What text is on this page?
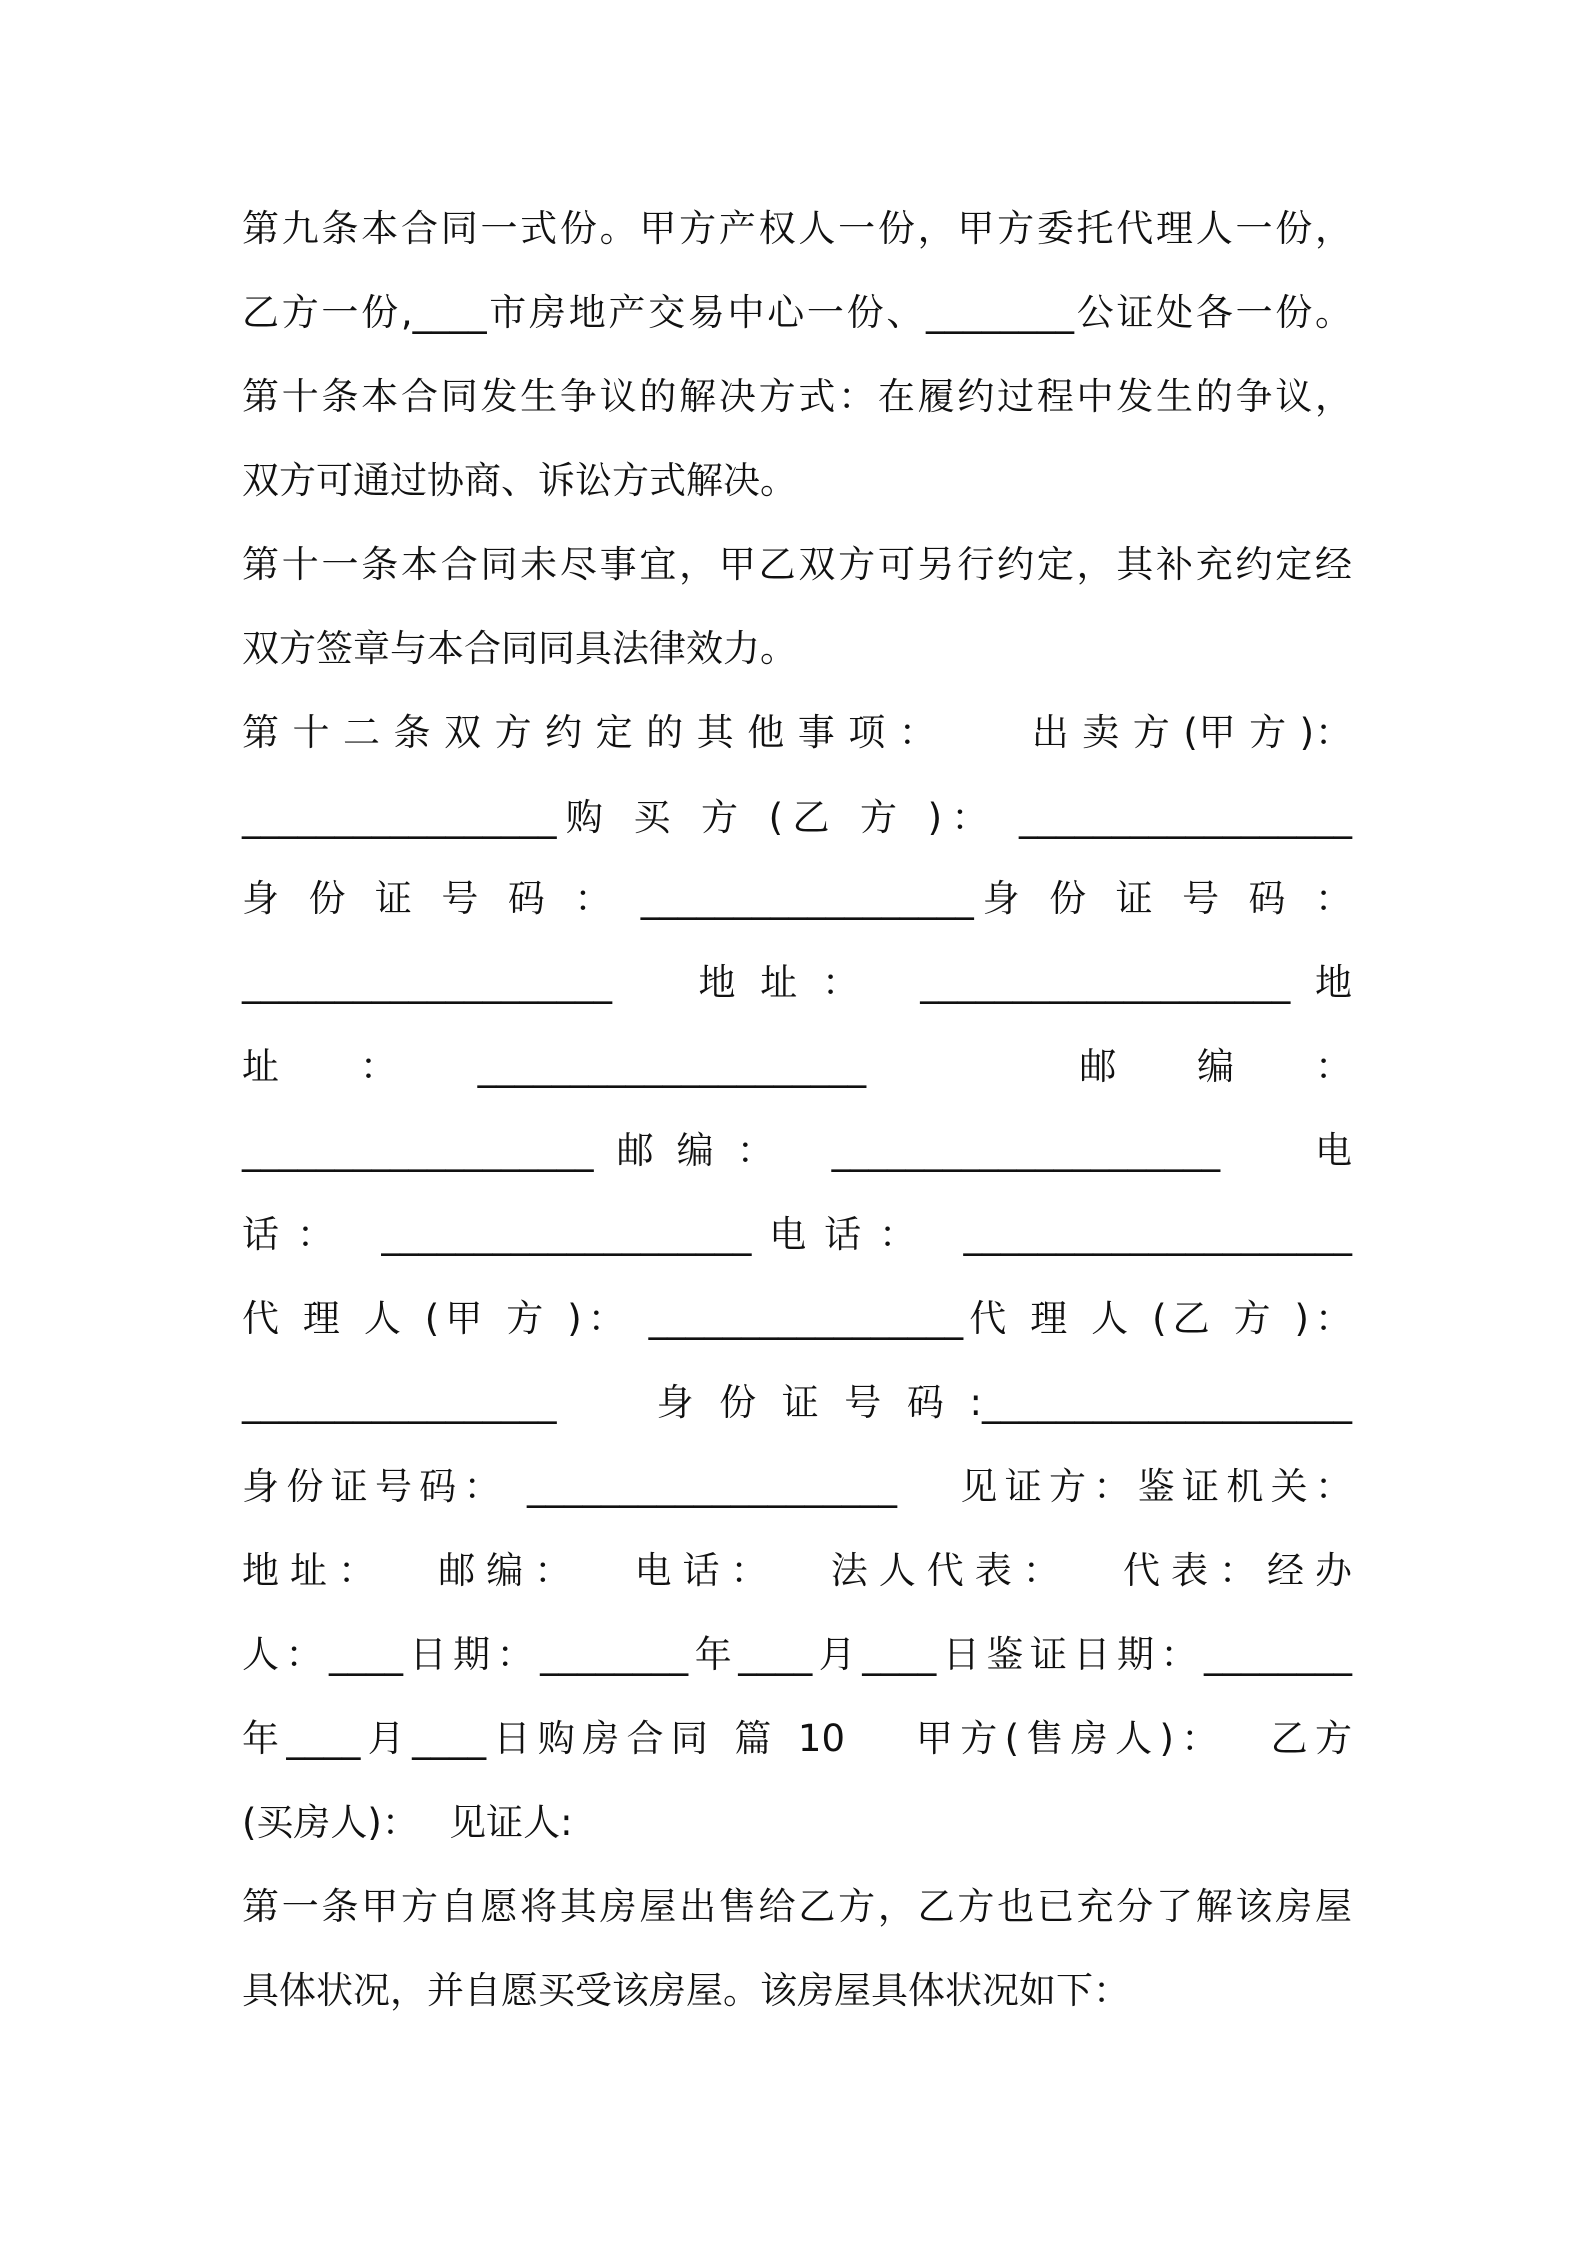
第九条本合同一式份。甲方产权人一份，甲方委托代理人一份，
乙方一份,____市房地产交易中心一份、________公证处各一份。
第十条本合同发生争议的解决方式：在履约过程中发生的争议，
双方可通过协商、诉讼方式解决。
第十一条本合同未尽事宜，甲乙双方可另行约定，其补充约定经
双方签章与本合同同具法律效力。
第 十 二 条 双 方 约 定 的 其 他 事 项 ：　　　出 卖 方 (甲 方 )：
_________________购 买 方 (乙 方 )： __________________
身 份 证 号 码 ： __________________身 份 证 号 码 ：
____________________　地址： ____________________地
址 　： 　_____________________ 　　　　邮 　编 　：
___________________邮编： _____________________ 　电
话： ____________________电话： _____________________
代 理 人 (甲 方 )： _________________代 理 人 (乙 方 )：
_________________ 　身份证号码:____________________
身份证号码： ____________________ 　见证方：鉴证机关：
地址：　 邮编：　 电话：　 法人代表：　 代表：经办
人：____日期：________年____月____日鉴证日期：________
年____月____日购房合同 篇 10　 甲方(售房人)：　 乙方
(买房人)：　 见证人:
第一条甲方自愿将其房屋出售给乙方，乙方也已充分了解该房屋
具体状况，并自愿买受该房屋。该房屋具体状况如下：
